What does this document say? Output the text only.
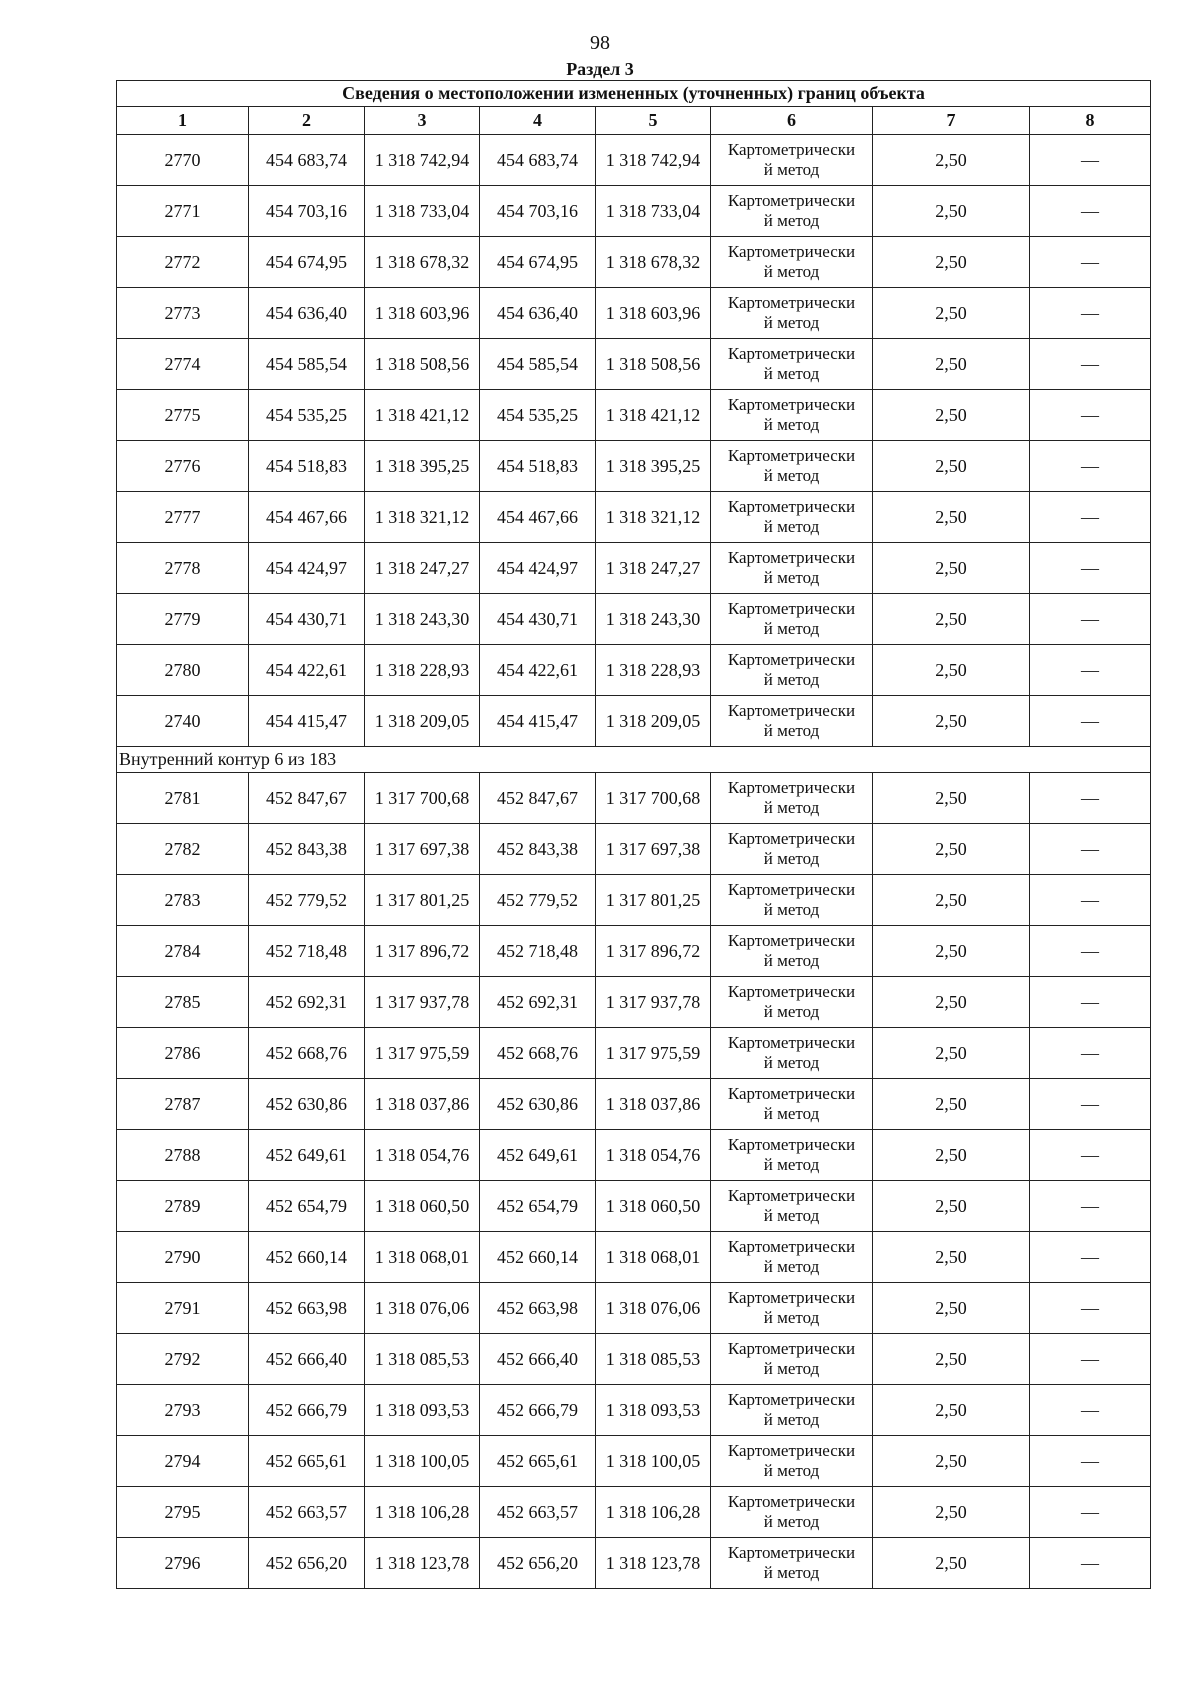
98
Раздел 3
Сведения о местоположении измененных (уточненных) границ объекта							
1	2	3	4	5	6	7	8
2770	454 683,74	1 318 742,94	454 683,74	1 318 742,94	Картометрически
й метод	2,50	—
2771	454 703,16	1 318 733,04	454 703,16	1 318 733,04	Картометрически
й метод	2,50	—
2772	454 674,95	1 318 678,32	454 674,95	1 318 678,32	Картометрически
й метод	2,50	—
2773	454 636,40	1 318 603,96	454 636,40	1 318 603,96	Картометрически
й метод	2,50	—
2774	454 585,54	1 318 508,56	454 585,54	1 318 508,56	Картометрически
й метод	2,50	—
2775	454 535,25	1 318 421,12	454 535,25	1 318 421,12	Картометрически
й метод	2,50	—
2776	454 518,83	1 318 395,25	454 518,83	1 318 395,25	Картометрически
й метод	2,50	—
2777	454 467,66	1 318 321,12	454 467,66	1 318 321,12	Картометрически
й метод	2,50	—
2778	454 424,97	1 318 247,27	454 424,97	1 318 247,27	Картометрически
й метод	2,50	—
2779	454 430,71	1 318 243,30	454 430,71	1 318 243,30	Картометрически
й метод	2,50	—
2780	454 422,61	1 318 228,93	454 422,61	1 318 228,93	Картометрически
й метод	2,50	—
2740	454 415,47	1 318 209,05	454 415,47	1 318 209,05	Картометрически
й метод	2,50	—
Внутренний контур 6 из 183							
2781	452 847,67	1 317 700,68	452 847,67	1 317 700,68	Картометрически
й метод	2,50	—
2782	452 843,38	1 317 697,38	452 843,38	1 317 697,38	Картометрически
й метод	2,50	—
2783	452 779,52	1 317 801,25	452 779,52	1 317 801,25	Картометрически
й метод	2,50	—
2784	452 718,48	1 317 896,72	452 718,48	1 317 896,72	Картометрически
й метод	2,50	—
2785	452 692,31	1 317 937,78	452 692,31	1 317 937,78	Картометрически
й метод	2,50	—
2786	452 668,76	1 317 975,59	452 668,76	1 317 975,59	Картометрически
й метод	2,50	—
2787	452 630,86	1 318 037,86	452 630,86	1 318 037,86	Картометрически
й метод	2,50	—
2788	452 649,61	1 318 054,76	452 649,61	1 318 054,76	Картометрически
й метод	2,50	—
2789	452 654,79	1 318 060,50	452 654,79	1 318 060,50	Картометрически
й метод	2,50	—
2790	452 660,14	1 318 068,01	452 660,14	1 318 068,01	Картометрически
й метод	2,50	—
2791	452 663,98	1 318 076,06	452 663,98	1 318 076,06	Картометрически
й метод	2,50	—
2792	452 666,40	1 318 085,53	452 666,40	1 318 085,53	Картометрически
й метод	2,50	—
2793	452 666,79	1 318 093,53	452 666,79	1 318 093,53	Картометрически
й метод	2,50	—
2794	452 665,61	1 318 100,05	452 665,61	1 318 100,05	Картометрически
й метод	2,50	—
2795	452 663,57	1 318 106,28	452 663,57	1 318 106,28	Картометрически
й метод	2,50	—
2796	452 656,20	1 318 123,78	452 656,20	1 318 123,78	Картометрически
й метод	2,50	—
